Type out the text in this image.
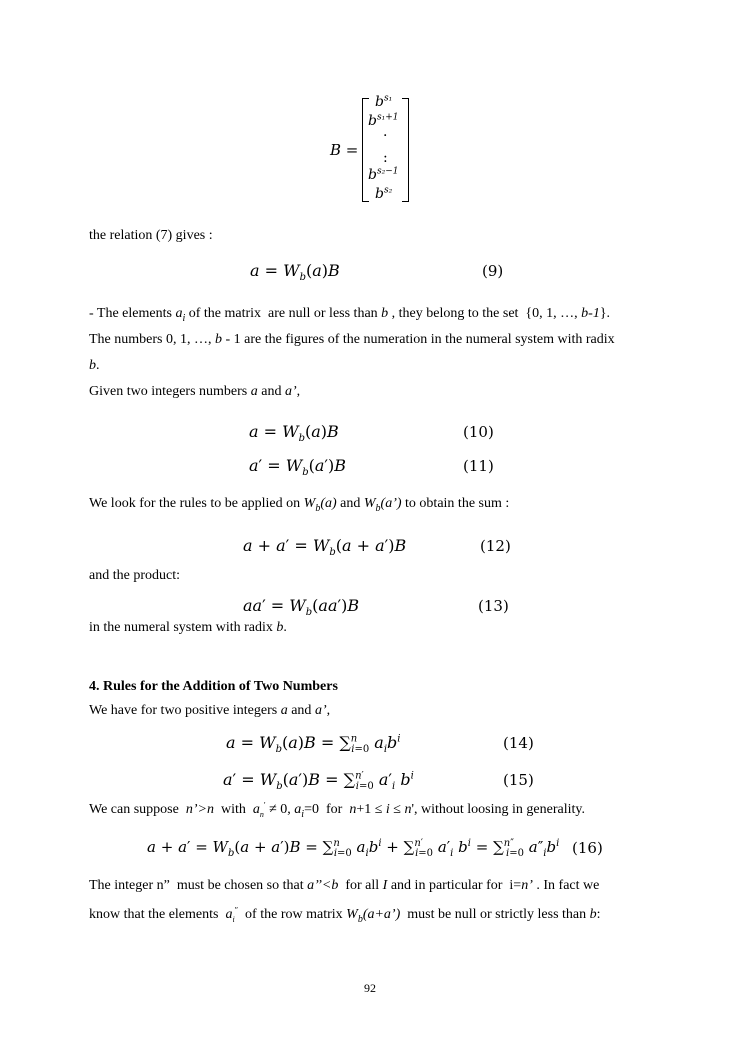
B =
$b^{s_1}$
$b^{s_1+1}$
·
:
$b^{s_2-1}$
$b^{s_2}$
the relation (7) gives :
$a = W_b(a)B$	(9)
- The elements $a_i$ of the matrix  are null or less than b , they belong to the set  {0, 1, …, b-1}.
The numbers 0, 1, …, b - 1 are the figures of the numeration in the numeral system with radix
b.
Given two integers numbers a and a’,
$a = W_b(a)B$	(10)
$a' = W_b(a')B$	(11)
We look for the rules to be applied on $W_b(a)$ and $W_b(a’)$ to obtain the sum :
$a + a' = W_b(a + a')B$	(12)
and the product:
$aa' = W_b(aa')B$	(13)
in the numeral system with radix b.
4. Rules for the Addition of Two Numbers
We have for two positive integers a and a’,
$a = W_b(a)B = \sum^n_{i=0}$ $a_ib^i$	(14)
$a' = W_b(a')B = \sum^{n'}_{i=0}$ $a'_i$ $b^i$	(15)
We can suppose  n’>n  with  $a_n' \ne 0$, $a_i=0$  for  n+1 ≤ i ≤ n', without loosing in generality.
$a + a' = W_b(a + a')B = \sum^n_{i=0}$ $a_ib^i + \sum^{n'}_{i=0}$ $a'_i$ $b^i = \sum^{n''}_{i=0}$ $a''_ib^i$ (16)
The integer n”  must be chosen so that a’’<b  for all I and in particular for  i=n’ . In fact we
know that the elements  $a_i''$  of the row matrix $W_b(a+a’)$  must be null or strictly less than b:
92
